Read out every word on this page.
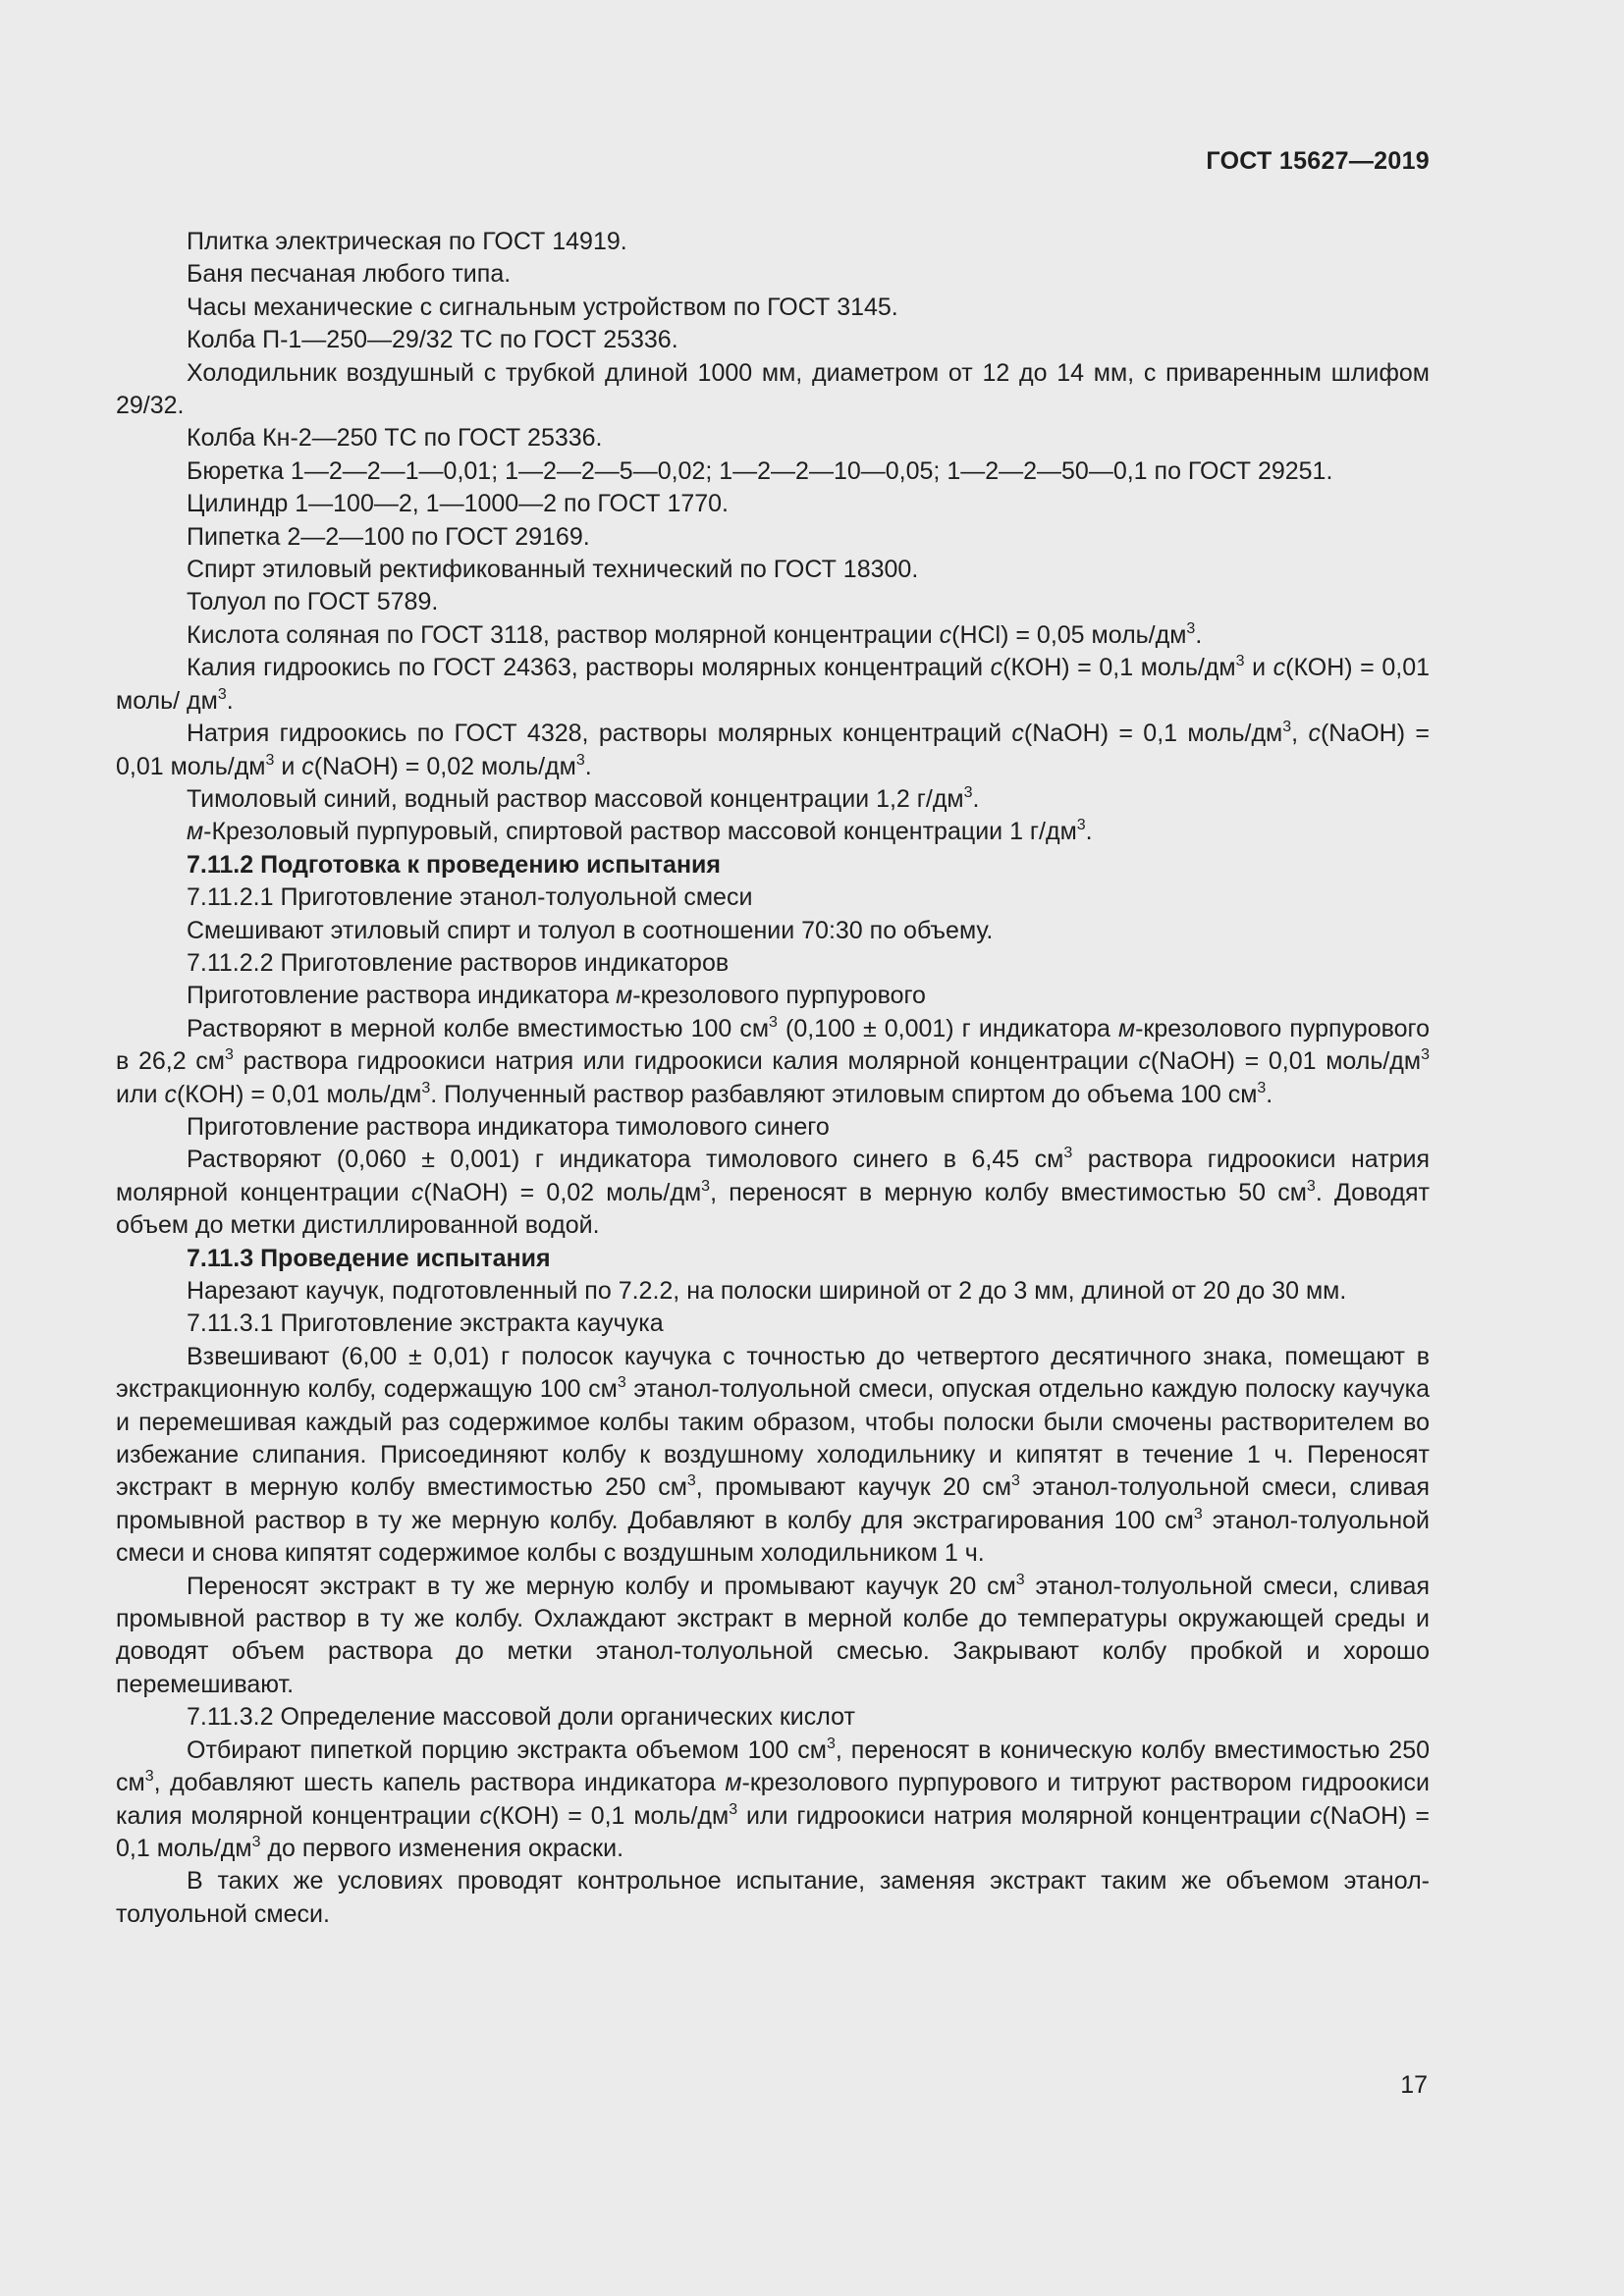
ГОСТ 15627—2019

Плитка электрическая по ГОСТ 14919.

Баня песчаная любого типа.

Часы механические с сигнальным устройством по ГОСТ 3145.

Колба П-1—250—29/32 ТС по ГОСТ 25336.

Холодильник воздушный с трубкой длиной 1000 мм, диаметром от 12 до 14 мм, с приваренным шлифом 29/32.

Колба Кн-2—250 ТС по ГОСТ 25336.

Бюретка 1—2—2—1—0,01; 1—2—2—5—0,02; 1—2—2—10—0,05; 1—2—2—50—0,1 по ГОСТ 29251.

Цилиндр 1—100—2, 1—1000—2 по ГОСТ 1770.

Пипетка 2—2—100 по ГОСТ 29169.

Спирт этиловый ректификованный технический по ГОСТ 18300.

Толуол по ГОСТ 5789.

Кислота соляная по ГОСТ 3118, раствор молярной концентрации c(HCl) = 0,05 моль/$дм^3$.

Калия гидроокись по ГОСТ 24363, растворы молярных концентраций c(КОН) = 0,1 моль/$дм^3$ и c(КОН) = 0,01 моль/ $дм^3$.

Натрия гидроокись по ГОСТ 4328, растворы молярных концентраций c(NaOH) = 0,1 моль/$дм^3$, c(NaOH) = 0,01 моль/$дм^3$ и c(NaOH) = 0,02 моль/$дм^3$.

Тимоловый синий, водный раствор массовой концентрации 1,2 $г/дм^3$.

м-Крезоловый пурпуровый, спиртовой раствор массовой концентрации 1 $г/дм^3$.

7.11.2 Подготовка к проведению испытания

7.11.2.1 Приготовление этанол-толуольной смеси

Смешивают этиловый спирт и толуол в соотношении 70:30 по объему.

7.11.2.2 Приготовление растворов индикаторов

Приготовление раствора индикатора м-крезолового пурпурового

Растворяют в мерной колбе вместимостью 100 $см^3$ (0,100 ± 0,001) г индикатора м-крезолового пурпурового в 26,2 $см^3$ раствора гидроокиси натрия или гидроокиси калия молярной концентрации c(NaOH) = 0,01 моль/$дм^3$ или c(КОН) = 0,01 моль/$дм^3$. Полученный раствор разбавляют этиловым спиртом до объема 100 $см^3$.

Приготовление раствора индикатора тимолового синего

Растворяют (0,060 ± 0,001) г индикатора тимолового синего в 6,45 $см^3$ раствора гидроокиси натрия молярной концентрации c(NaOH) = 0,02 моль/$дм^3$, переносят в мерную колбу вместимостью 50 $см^3$. Доводят объем до метки дистиллированной водой.

7.11.3 Проведение испытания

Нарезают каучук, подготовленный по 7.2.2, на полоски шириной от 2 до 3 мм, длиной от 20 до 30 мм.

7.11.3.1 Приготовление экстракта каучука

Взвешивают (6,00 ± 0,01) г полосок каучука с точностью до четвертого десятичного знака, помещают в экстракционную колбу, содержащую 100 $см^3$ этанол-толуольной смеси, опуская отдельно каждую полоску каучука и перемешивая каждый раз содержимое колбы таким образом, чтобы полоски были смочены растворителем во избежание слипания. Присоединяют колбу к воздушному холодильнику и кипятят в течение 1 ч. Переносят экстракт в мерную колбу вместимостью 250 $см^3$, промывают каучук 20 $см^3$ этанол-толуольной смеси, сливая промывной раствор в ту же мерную колбу. Добавляют в колбу для экстрагирования 100 $см^3$ этанол-толуольной смеси и снова кипятят содержимое колбы с воздушным холодильником 1 ч.

Переносят экстракт в ту же мерную колбу и промывают каучук 20 $см^3$ этанол-толуольной смеси, сливая промывной раствор в ту же колбу. Охлаждают экстракт в мерной колбе до температуры окружающей среды и доводят объем раствора до метки этанол-толуольной смесью. Закрывают колбу пробкой и хорошо перемешивают.

7.11.3.2 Определение массовой доли органических кислот

Отбирают пипеткой порцию экстракта объемом 100 $см^3$, переносят в коническую колбу вместимостью 250 $см^3$, добавляют шесть капель раствора индикатора м-крезолового пурпурового и титруют раствором гидроокиси калия молярной концентрации c(КОН) = 0,1 моль/$дм^3$ или гидроокиси натрия молярной концентрации c(NaOH) = 0,1 моль/$дм^3$ до первого изменения окраски.

В таких же условиях проводят контрольное испытание, заменяя экстракт таким же объемом этанол-толуольной смеси.

17
